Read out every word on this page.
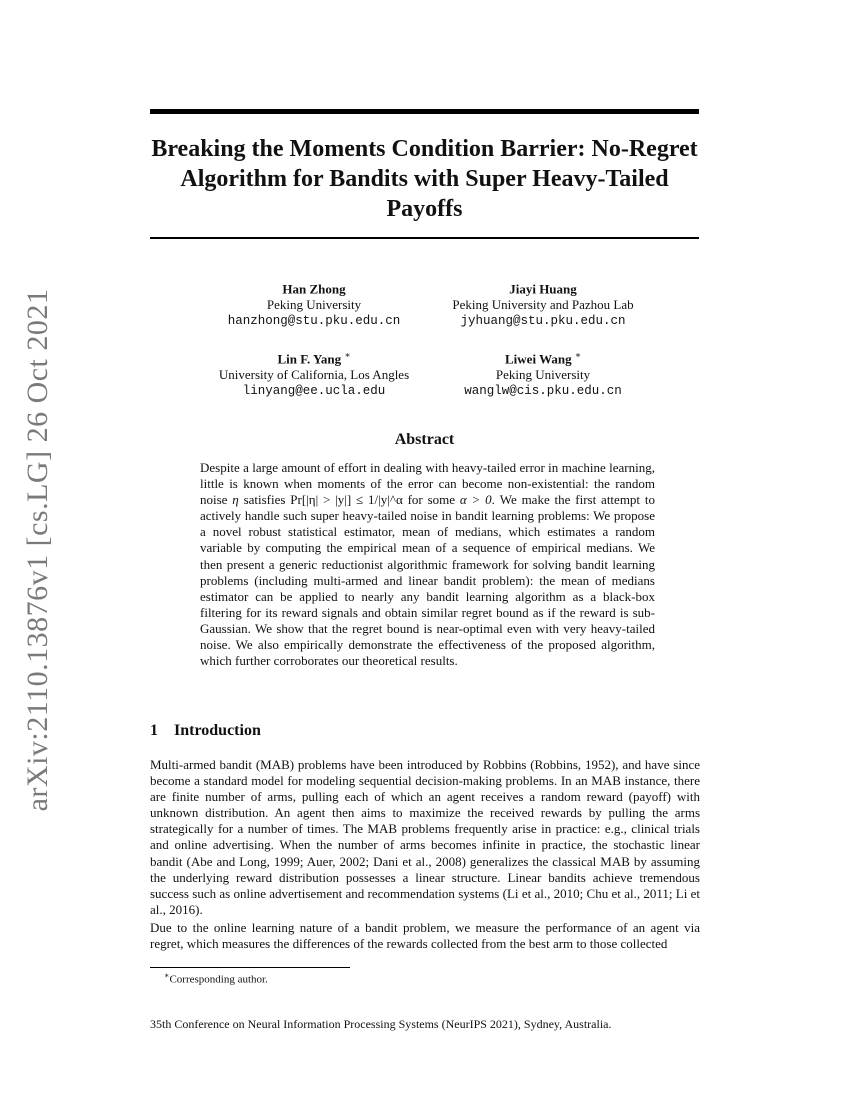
arXiv:2110.13876v1 [cs.LG] 26 Oct 2021
Breaking the Moments Condition Barrier: No-Regret Algorithm for Bandits with Super Heavy-Tailed Payoffs
Han Zhong
Peking University
hanzhong@stu.pku.edu.cn
Jiayi Huang
Peking University and Pazhou Lab
jyhuang@stu.pku.edu.cn
Lin F. Yang ∗
University of California, Los Angles
linyang@ee.ucla.edu
Liwei Wang ∗
Peking University
wanglw@cis.pku.edu.cn
Abstract

Despite a large amount of effort in dealing with heavy-tailed error in machine learning, little is known when moments of the error can become non-existential: the random noise η satisfies Pr[|η| > |y|] ≤ 1/|y|^α for some α > 0. We make the first attempt to actively handle such super heavy-tailed noise in bandit learning problems: We propose a novel robust statistical estimator, mean of medians, which estimates a random variable by computing the empirical mean of a sequence of empirical medians. We then present a generic reductionist algorithmic framework for solving bandit learning problems (including multi-armed and linear bandit problem): the mean of medians estimator can be applied to nearly any bandit learning algorithm as a black-box filtering for its reward signals and obtain similar regret bound as if the reward is sub-Gaussian. We show that the regret bound is near-optimal even with very heavy-tailed noise. We also empirically demonstrate the effectiveness of the proposed algorithm, which further corroborates our theoretical results.

1 Introduction

Multi-armed bandit (MAB) problems have been introduced by Robbins (Robbins, 1952), and have since become a standard model for modeling sequential decision-making problems. In an MAB instance, there are finite number of arms, pulling each of which an agent receives a random reward (payoff) with unknown distribution. An agent then aims to maximize the received rewards by pulling the arms strategically for a number of times. The MAB problems frequently arise in practice: e.g., clinical trials and online advertising. When the number of arms becomes infinite in practice, the stochastic linear bandit (Abe and Long, 1999; Auer, 2002; Dani et al., 2008) generalizes the classical MAB by assuming the underlying reward distribution possesses a linear structure. Linear bandits achieve tremendous success such as online advertisement and recommendation systems (Li et al., 2010; Chu et al., 2011; Li et al., 2016).

Due to the online learning nature of a bandit problem, we measure the performance of an agent via regret, which measures the differences of the rewards collected from the best arm to those collected

∗Corresponding author.

35th Conference on Neural Information Processing Systems (NeurIPS 2021), Sydney, Australia.
